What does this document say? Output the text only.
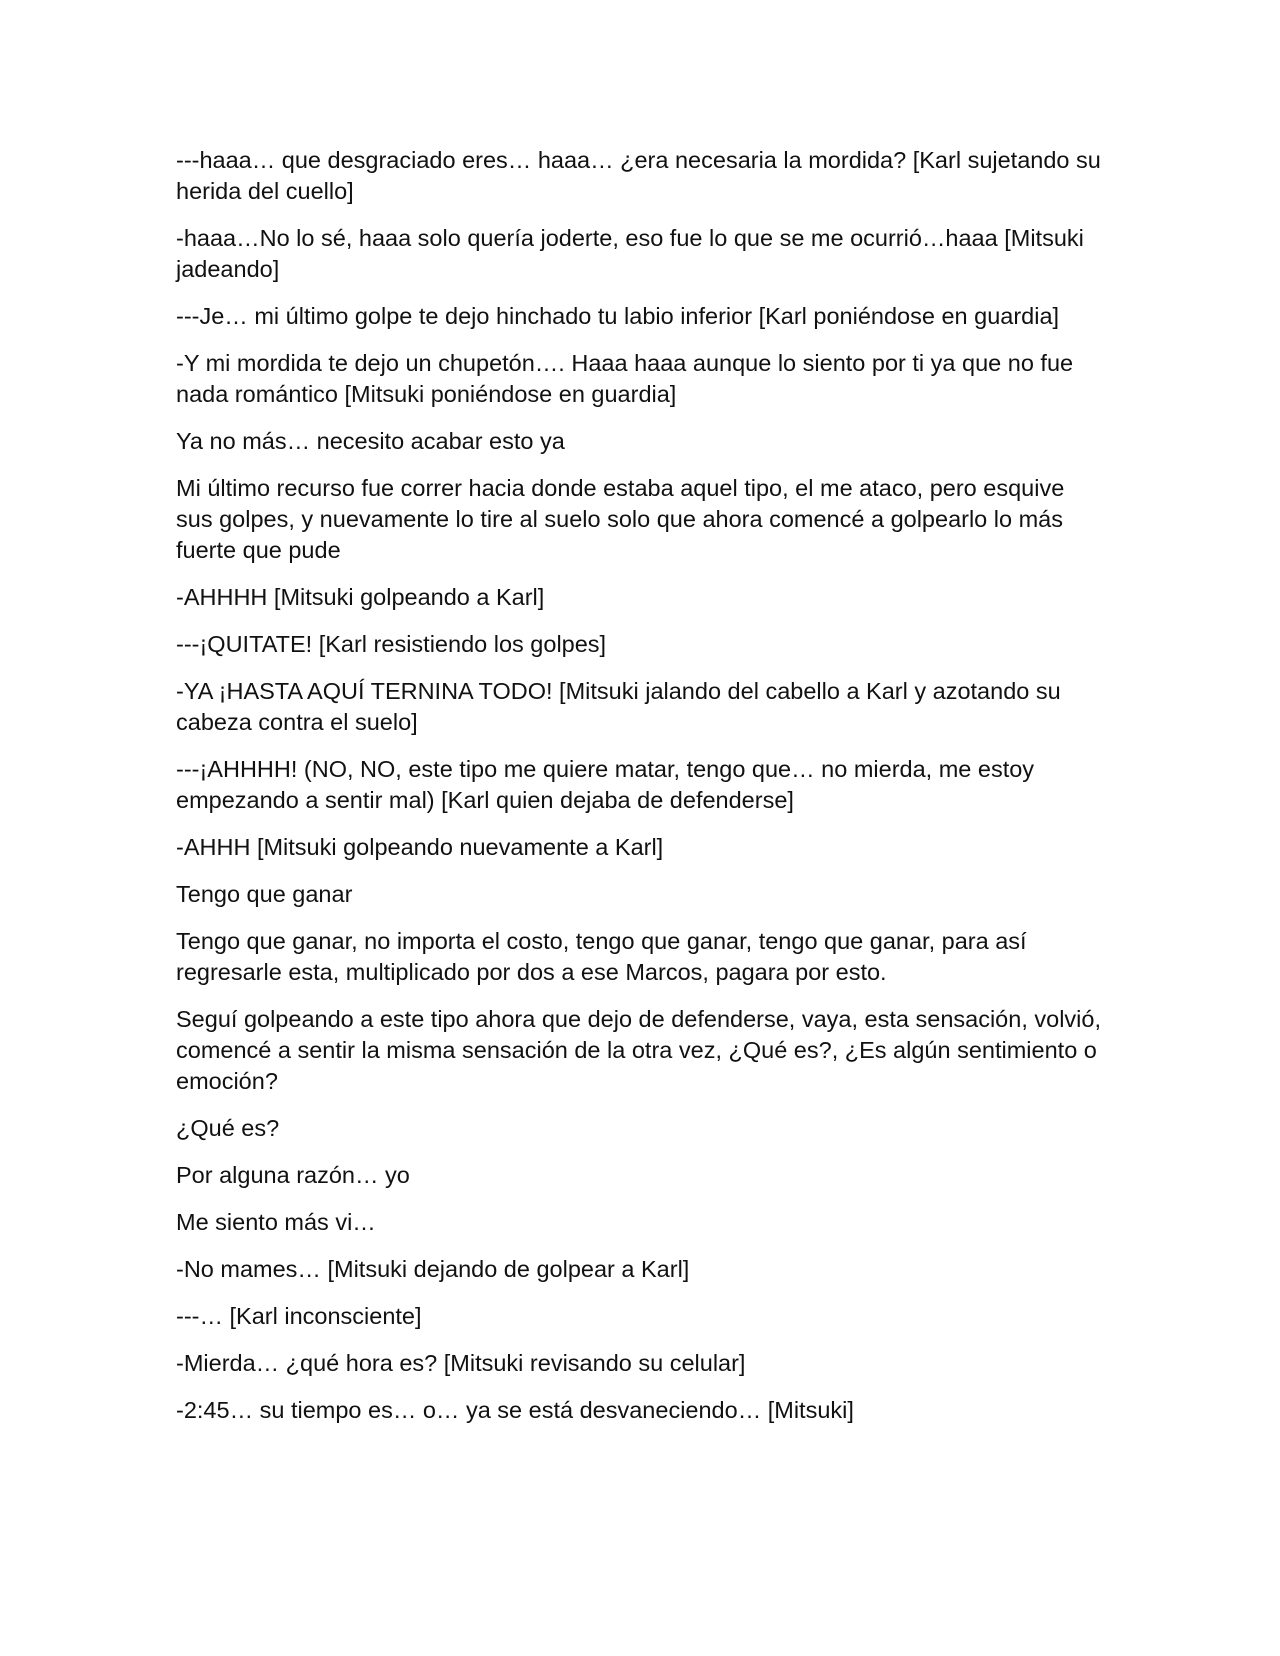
---haaa… que desgraciado eres… haaa… ¿era necesaria la mordida? [Karl sujetando su herida del cuello]

-haaa…No lo sé, haaa solo quería joderte, eso fue lo que se me ocurrió…haaa [Mitsuki jadeando]

---Je… mi último golpe te dejo hinchado tu labio inferior [Karl poniéndose en guardia]

-Y mi mordida te dejo un chupetón…. Haaa haaa aunque lo siento por ti ya que no fue nada romántico [Mitsuki poniéndose en guardia]

Ya no más… necesito acabar esto ya

Mi último recurso fue correr hacia donde estaba aquel tipo, el me ataco, pero esquive sus golpes, y nuevamente lo tire al suelo solo que ahora comencé a golpearlo lo más fuerte que pude

-AHHHH [Mitsuki golpeando a Karl]

---¡QUITATE! [Karl resistiendo los golpes]

-YA ¡HASTA AQUÍ TERNINA TODO! [Mitsuki jalando del cabello a Karl y azotando su cabeza contra el suelo]

---¡AHHHH! (NO, NO, este tipo me quiere matar, tengo que… no mierda, me estoy empezando a sentir mal) [Karl quien dejaba de defenderse]

-AHHH [Mitsuki golpeando nuevamente a Karl]

Tengo que ganar

Tengo que ganar, no importa el costo, tengo que ganar, tengo que ganar, para así regresarle esta, multiplicado por dos a ese Marcos, pagara por esto.

Seguí golpeando a este tipo ahora que dejo de defenderse, vaya, esta sensación, volvió, comencé a sentir la misma sensación de la otra vez, ¿Qué es?, ¿Es algún sentimiento o emoción?

¿Qué es?

Por alguna razón… yo

Me siento más vi…

-No mames… [Mitsuki dejando de golpear a Karl]

---… [Karl inconsciente]

-Mierda… ¿qué hora es? [Mitsuki revisando su celular]

-2:45… su tiempo es… o… ya se está desvaneciendo… [Mitsuki]
